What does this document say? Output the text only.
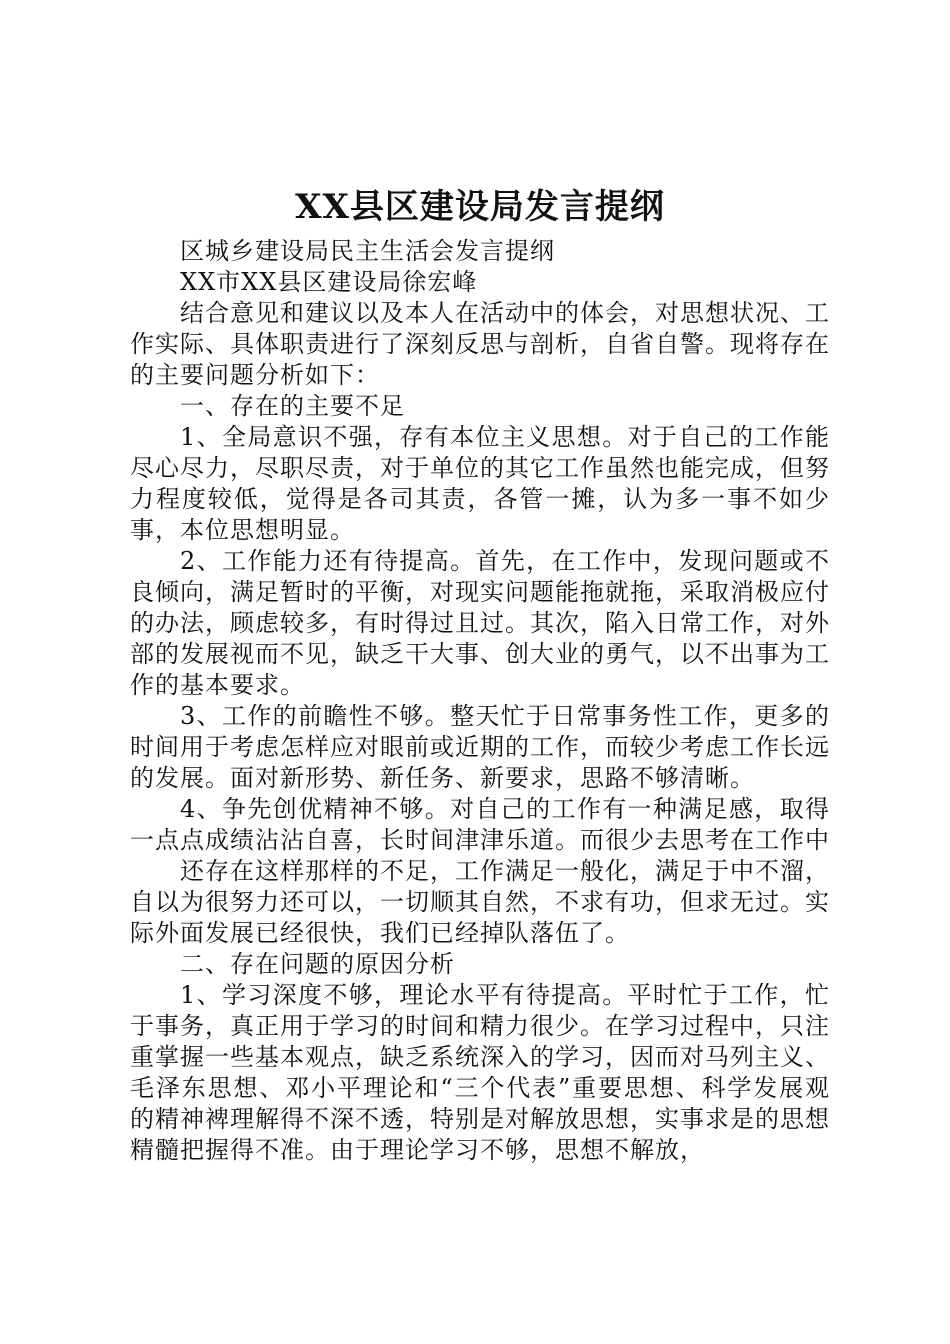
XX县区建设局发言提纲

区城乡建设局民主生活会发言提纲

XX市XX县区建设局徐宏峰

结合意见和建议以及本人在活动中的体会，对思想状况、工作实际、具体职责进行了深刻反思与剖析，自省自警。现将存在的主要问题分析如下：

一、存在的主要不足

1、全局意识不强，存有本位主义思想。对于自己的工作能尽心尽力，尽职尽责，对于单位的其它工作虽然也能完成，但努力程度较低，觉得是各司其责，各管一摊，认为多一事不如少事，本位思想明显。

2、工作能力还有待提高。首先，在工作中，发现问题或不良倾向，满足暂时的平衡，对现实问题能拖就拖，采取消极应付的办法，顾虑较多，有时得过且过。其次，陷入日常工作，对外部的发展视而不见，缺乏干大事、创大业的勇气，以不出事为工作的基本要求。

3、工作的前瞻性不够。整天忙于日常事务性工作，更多的时间用于考虑怎样应对眼前或近期的工作，而较少考虑工作长远的发展。面对新形势、新任务、新要求，思路不够清晰。

4、争先创优精神不够。对自己的工作有一种满足感，取得一点点成绩沾沾自喜，长时间津津乐道。而很少去思考在工作中

还存在这样那样的不足，工作满足一般化，满足于中不溜，自以为很努力还可以，一切顺其自然，不求有功，但求无过。实际外面发展已经很快，我们已经掉队落伍了。

二、存在问题的原因分析

1、学习深度不够，理论水平有待提高。平时忙于工作，忙于事务，真正用于学习的时间和精力很少。在学习过程中，只注重掌握一些基本观点，缺乏系统深入的学习，因而对马列主义、毛泽东思想、邓小平理论和“三个代表”重要思想、科学发展观的精神裨理解得不深不透，特别是对解放思想，实事求是的思想精髓把握得不准。由于理论学习不够，思想不解放，
